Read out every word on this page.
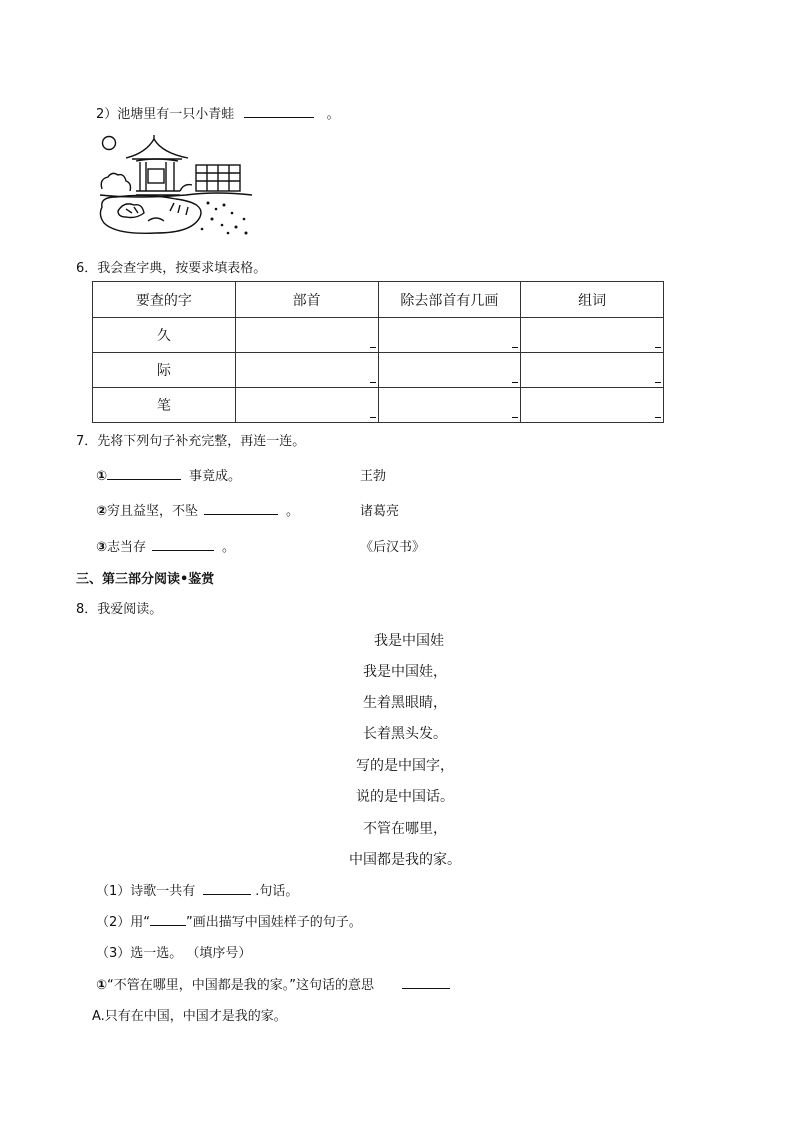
2）池塘里有一只小青蛙	。
6．我会查字典，按要求填表格。
要查的字	部首	除去部首有几画	组词
久	

际	

笔	

7．先将下列句子补充完整，再连一连。
①	事竟成。	王勃
②穷且益坚，不坠	。	诸葛亮
③志当存	。	《后汉书》
三、第三部分阅读•鉴赏
8．我爱阅读。
我是中国娃
我是中国娃，
生着黑眼睛，
长着黑头发。
写的是中国字，
说的是中国话。
不管在哪里，
中国都是我的家。
（1）诗歌一共有	.句话。
（2）用“	”画出描写中国娃样子的句子。
（3）选一选。 （填序号）
①“不管在哪里，中国都是我的家。”这句话的意思
A.只有在中国，中国才是我的家。
